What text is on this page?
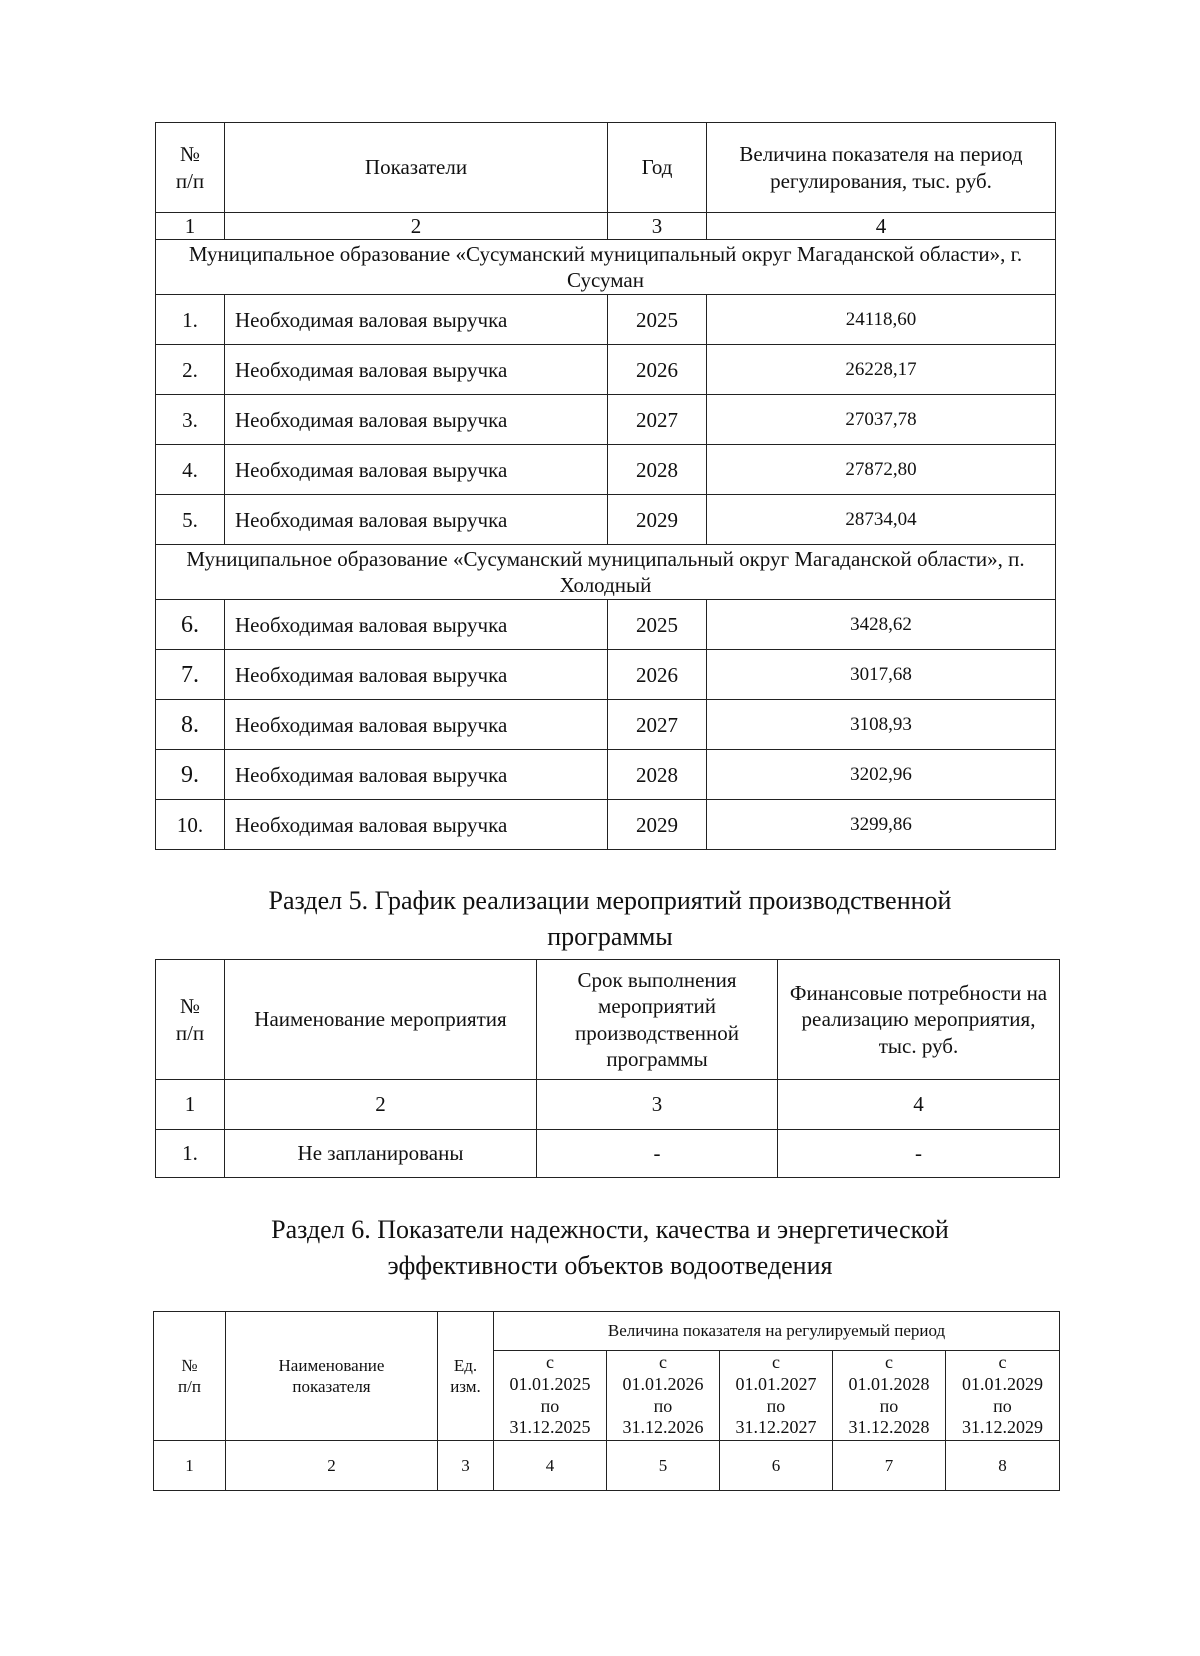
№
п/п	Показатели	Год	Величина показателя на период регулирования, тыс. руб.
1	2	3	4
Муниципальное образование «Сусуманский муниципальный округ Магаданской области», г. Сусуман			
1.	Необходимая валовая выручка	2025	24118,60
2.	Необходимая валовая выручка	2026	26228,17
3.	Необходимая валовая выручка	2027	27037,78
4.	Необходимая валовая выручка	2028	27872,80
5.	Необходимая валовая выручка	2029	28734,04
Муниципальное образование «Сусуманский муниципальный округ Магаданской области», п. Холодный			
6.	Необходимая валовая выручка	2025	3428,62
7.	Необходимая валовая выручка	2026	3017,68
8.	Необходимая валовая выручка	2027	3108,93
9.	Необходимая валовая выручка	2028	3202,96
10.	Необходимая валовая выручка	2029	3299,86
Раздел 5. График реализации мероприятий производственной программы
№
п/п	Наименование мероприятия	Срок выполнения мероприятий производственной программы	Финансовые потребности на реализацию мероприятия, тыс. руб.
1	2	3	4
1.	Не запланированы	-	-
Раздел 6. Показатели надежности, качества и энергетической эффективности объектов водоотведения
№
п/п	Наименование показателя	Ед. изм.	Величина показателя на регулируемый период				
			с
01.01.2025
по
31.12.2025	с
01.01.2026
по
31.12.2026	с
01.01.2027
по
31.12.2027	с
01.01.2028
по
31.12.2028	с
01.01.2029
по
31.12.2029
1	2	3	4	5	6	7	8
